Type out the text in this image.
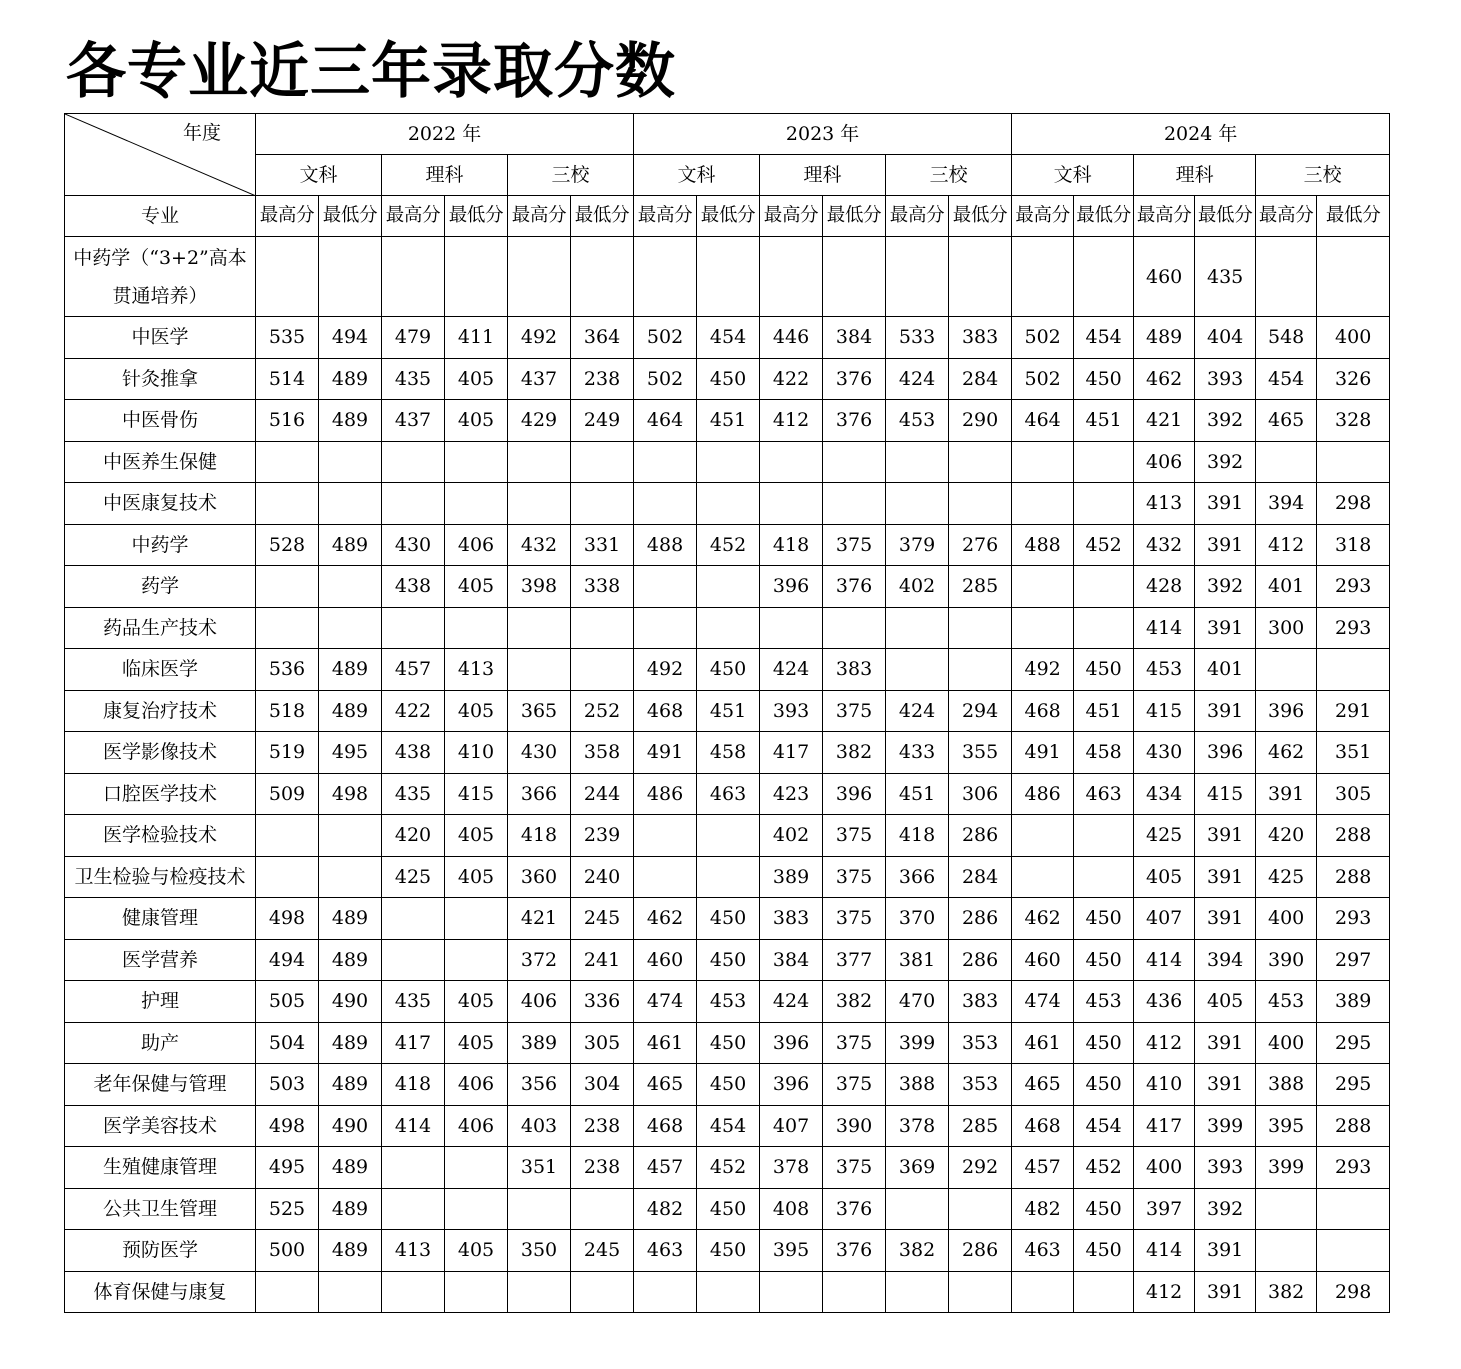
各专业近三年录取分数
年度	2022 年						2023 年						2024 年					
	文科		理科		三校		文科		理科		三校		文科		理科		三校	
专业	最高分	最低分	最高分	最低分	最高分	最低分	最高分	最低分	最高分	最低分	最高分	最低分	最高分	最低分	最高分	最低分	最高分	最低分
中药学（“3+2”高本贯通培养）															460	435		
中医学	535	494	479	411	492	364	502	454	446	384	533	383	502	454	489	404	548	400
针灸推拿	514	489	435	405	437	238	502	450	422	376	424	284	502	450	462	393	454	326
中医骨伤	516	489	437	405	429	249	464	451	412	376	453	290	464	451	421	392	465	328
中医养生保健															406	392		
中医康复技术															413	391	394	298
中药学	528	489	430	406	432	331	488	452	418	375	379	276	488	452	432	391	412	318
药学			438	405	398	338			396	376	402	285			428	392	401	293
药品生产技术															414	391	300	293
临床医学	536	489	457	413			492	450	424	383			492	450	453	401		
康复治疗技术	518	489	422	405	365	252	468	451	393	375	424	294	468	451	415	391	396	291
医学影像技术	519	495	438	410	430	358	491	458	417	382	433	355	491	458	430	396	462	351
口腔医学技术	509	498	435	415	366	244	486	463	423	396	451	306	486	463	434	415	391	305
医学检验技术			420	405	418	239			402	375	418	286			425	391	420	288
卫生检验与检疫技术			425	405	360	240			389	375	366	284			405	391	425	288
健康管理	498	489			421	245	462	450	383	375	370	286	462	450	407	391	400	293
医学营养	494	489			372	241	460	450	384	377	381	286	460	450	414	394	390	297
护理	505	490	435	405	406	336	474	453	424	382	470	383	474	453	436	405	453	389
助产	504	489	417	405	389	305	461	450	396	375	399	353	461	450	412	391	400	295
老年保健与管理	503	489	418	406	356	304	465	450	396	375	388	353	465	450	410	391	388	295
医学美容技术	498	490	414	406	403	238	468	454	407	390	378	285	468	454	417	399	395	288
生殖健康管理	495	489			351	238	457	452	378	375	369	292	457	452	400	393	399	293
公共卫生管理	525	489					482	450	408	376			482	450	397	392		
预防医学	500	489	413	405	350	245	463	450	395	376	382	286	463	450	414	391		
体育保健与康复															412	391	382	298
